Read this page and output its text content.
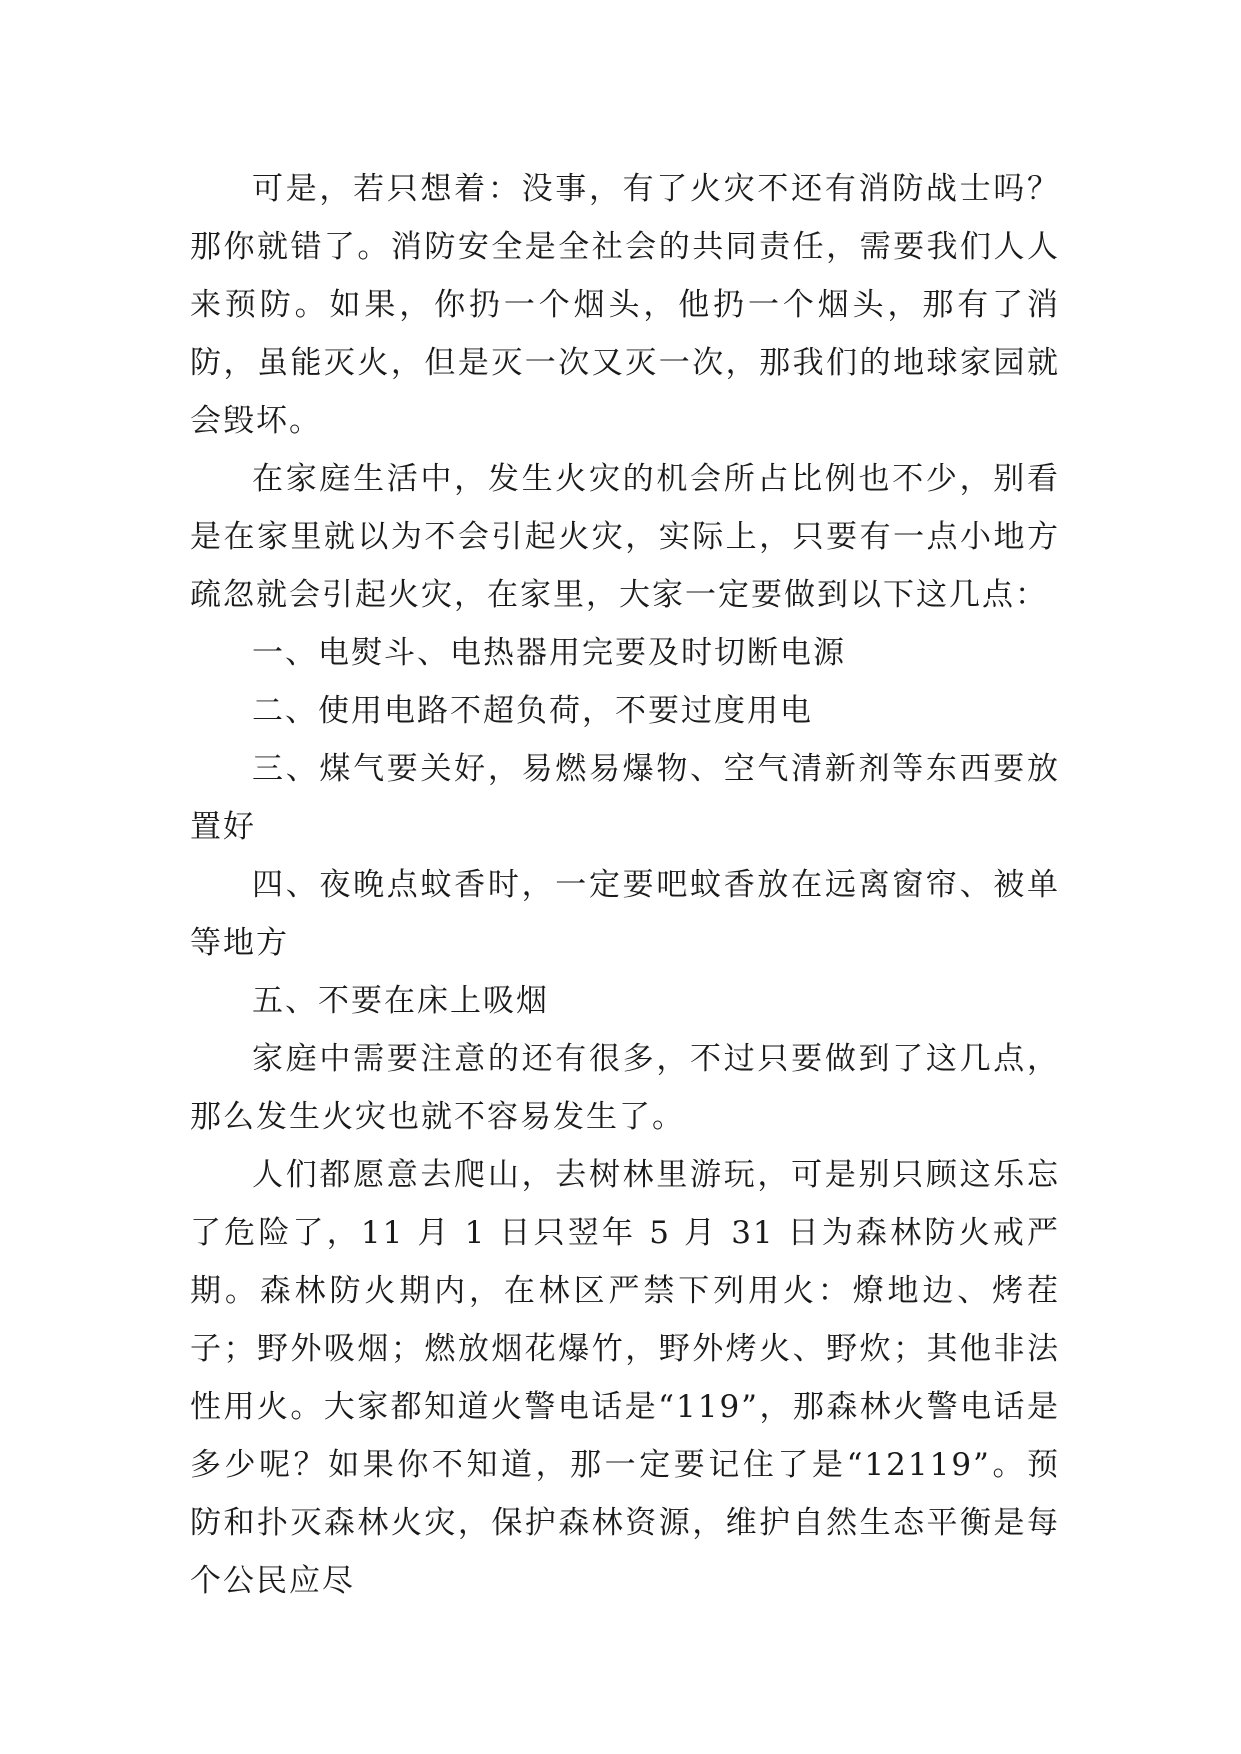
可是，若只想着：没事，有了火灾不还有消防战士吗？那你就错了。消防安全是全社会的共同责任，需要我们人人来预防。如果，你扔一个烟头，他扔一个烟头，那有了消防，虽能灭火，但是灭一次又灭一次，那我们的地球家园就会毁坏。

在家庭生活中，发生火灾的机会所占比例也不少，别看是在家里就以为不会引起火灾，实际上，只要有一点小地方疏忽就会引起火灾，在家里，大家一定要做到以下这几点：

一、电熨斗、电热器用完要及时切断电源

二、使用电路不超负荷，不要过度用电

三、煤气要关好，易燃易爆物、空气清新剂等东西要放置好

四、夜晚点蚊香时，一定要吧蚊香放在远离窗帘、被单等地方

五、不要在床上吸烟

家庭中需要注意的还有很多，不过只要做到了这几点，那么发生火灾也就不容易发生了。

人们都愿意去爬山，去树林里游玩，可是别只顾这乐忘了危险了，11 月 1 日只翌年 5 月 31 日为森林防火戒严期。森林防火期内，在林区严禁下列用火：燎地边、烤茬子；野外吸烟；燃放烟花爆竹，野外烤火、野炊；其他非法性用火。大家都知道火警电话是“119”，那森林火警电话是多少呢？如果你不知道，那一定要记住了是“12119”。预防和扑灭森林火灾，保护森林资源，维护自然生态平衡是每个公民应尽
